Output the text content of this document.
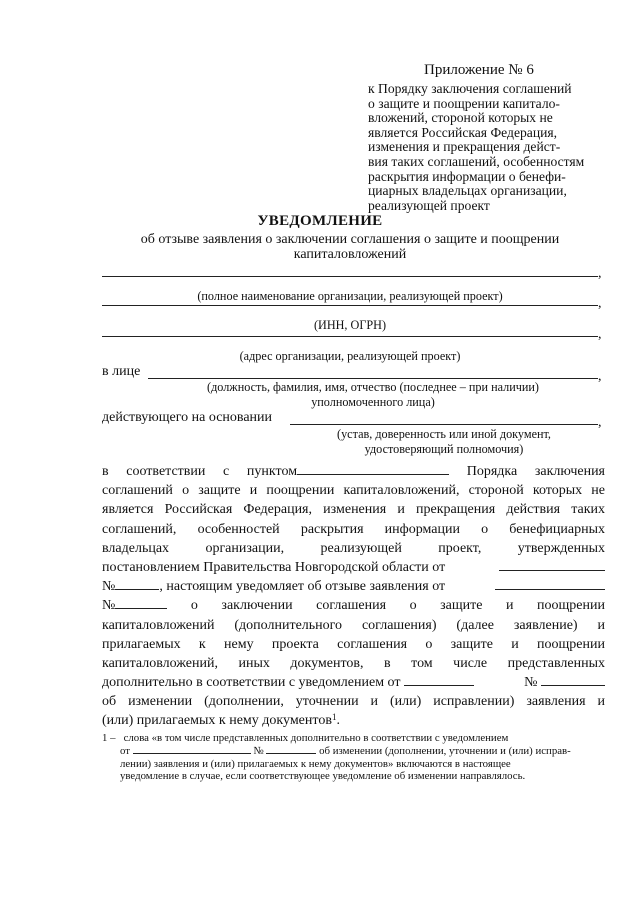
Приложение № 6
к Порядку заключения соглашений
о защите и поощрении капитало-
вложений, стороной которых не
является Российская Федерация,
изменения и прекращения дейст-
вия таких соглашений, особенностям
раскрытия информации о бенефи-
циарных владельцах организации,
реализующей проект
УВЕДОМЛЕНИЕ
об отзыве заявления о заключении соглашения о защите и поощрении
капиталовложений
,
(полное наименование организации, реализующей проект)	,
(ИНН, ОГРН)
,
(адрес организации, реализующей проект)
в лице	,
(должность, фамилия, имя, отчество (последнее – при наличии)
уполномоченного лица)
действующего на основании	,
(устав, доверенность или иной документ,
удостоверяющий полномочия)
в соответствии с пунктом	Порядка заключения
соглашений о защите и поощрении капиталовложений, стороной которых не
является Российская Федерация, изменения и прекращения действия таких
соглашений, особенностей раскрытия информации о бенефициарных
владельцах	организации,	реализующей	проект,	утвержденных
постановлением Правительства Новгородской области от
№	, настоящим уведомляет об отзыве заявления от
№	о заключении соглашения о защите и поощрении
капиталовложений (дополнительного соглашения) (далее заявление) и
прилагаемых к нему проекта соглашения о защите и поощрении
капиталовложений, иных документов, в том числе представленных
дополнительно в соответствии с уведомлением от	№
об изменении (дополнении, уточнении и (или) исправлении) заявления и
(или) прилагаемых к нему документов1.
1 – слова «в том числе представленных дополнительно в соответствии с уведомлением
от	№	об изменении (дополнении, уточнении и (или) исправ-
лении) заявления и (или) прилагаемых к нему документов» включаются в настоящее
уведомление в случае, если соответствующее уведомление об изменении направлялось.
